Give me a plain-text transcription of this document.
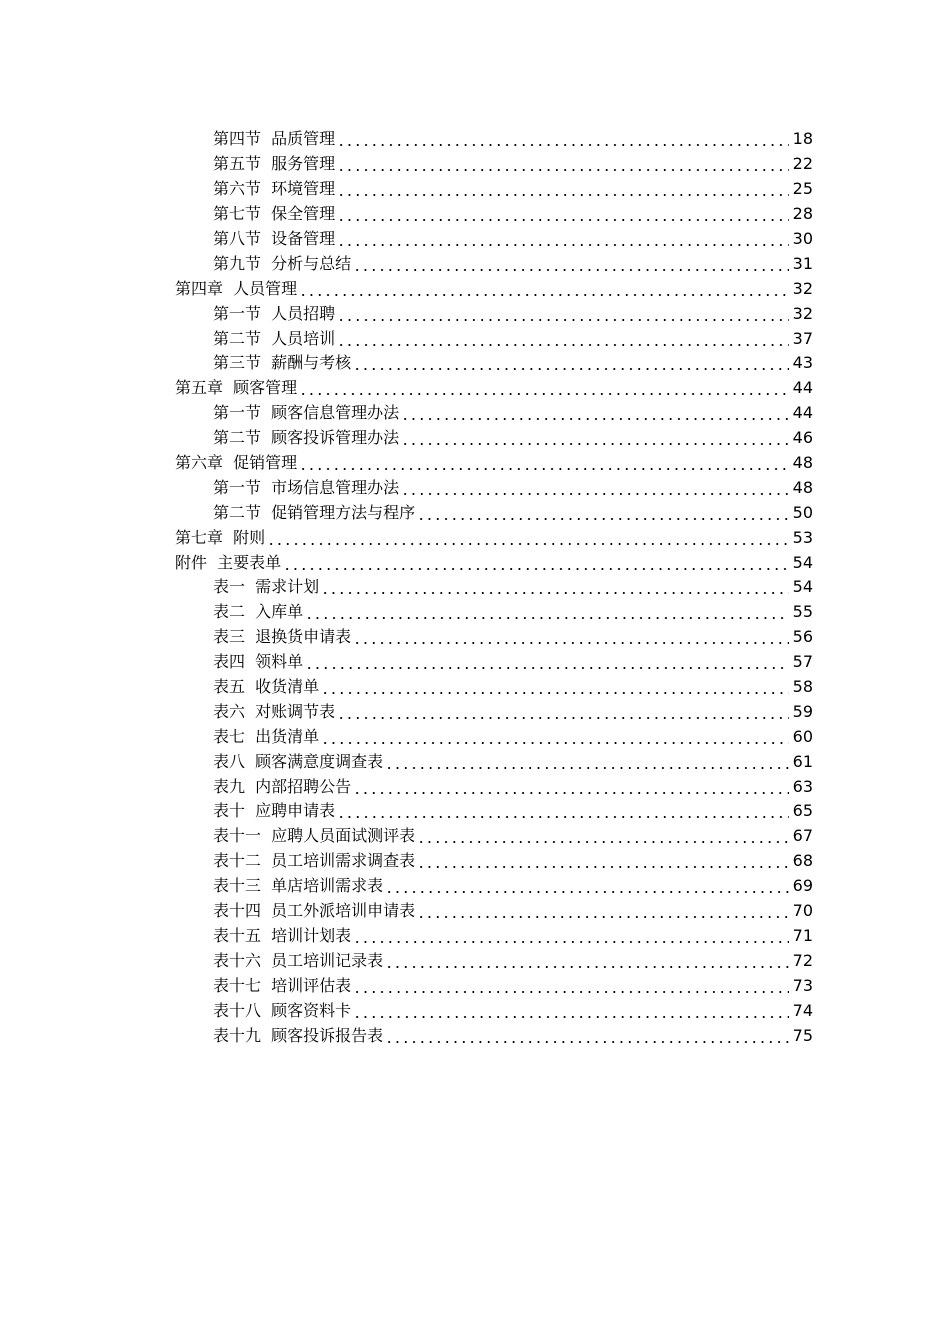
第四节  品质管理	18
第五节  服务管理	22
第六节  环境管理	25
第七节  保全管理	28
第八节  设备管理	30
第九节  分析与总结	31
第四章  人员管理	32
第一节  人员招聘	32
第二节  人员培训	37
第三节  薪酬与考核	43
第五章  顾客管理	44
第一节  顾客信息管理办法	44
第二节  顾客投诉管理办法	46
第六章  促销管理	48
第一节  市场信息管理办法	48
第二节  促销管理方法与程序	50
第七章  附则	53
附件  主要表单	54
表一  需求计划	54
表二  入库单	55
表三  退换货申请表	56
表四  领料单	57
表五  收货清单	58
表六  对账调节表	59
表七  出货清单	60
表八  顾客满意度调查表	61
表九  内部招聘公告	63
表十  应聘申请表	65
表十一  应聘人员面试测评表	67
表十二  员工培训需求调查表	68
表十三  单店培训需求表	69
表十四  员工外派培训申请表	70
表十五  培训计划表	71
表十六  员工培训记录表	72
表十七  培训评估表	73
表十八  顾客资料卡	74
表十九  顾客投诉报告表	75
